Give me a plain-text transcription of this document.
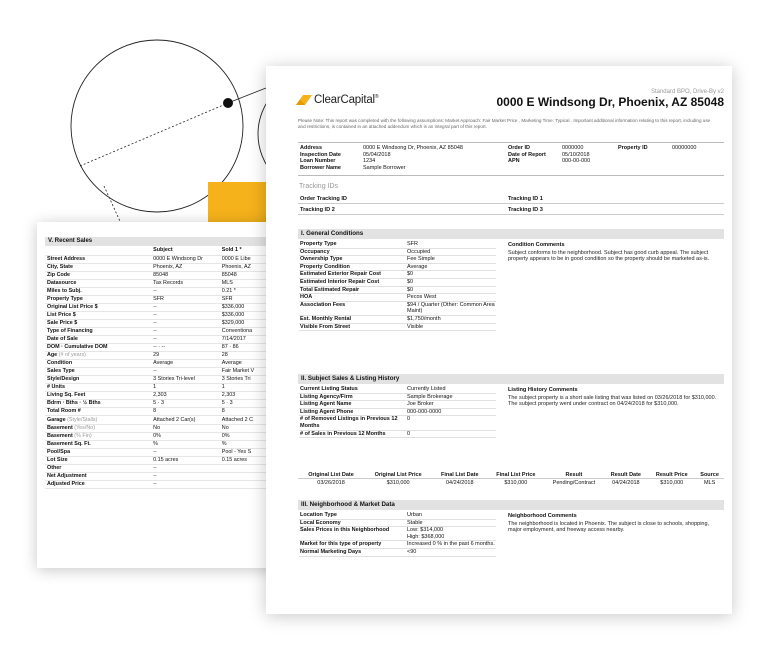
V. Recent Sales
	Subject	Sold 1 *
Street Address	0000 E Windsong Dr	0000 E Libe
City, State	Phoenix, AZ	Phoenix, AZ
Zip Code	85048	85048
Datasource	Tax Records	MLS
Miles to Subj.	--	0.21 *
Property Type	SFR	SFR
Original List Price $	--	$336,000
List Price $	--	$336,000
Sale Price $	--	$329,000
Type of Financing	--	Conventiona
Date of Sale	--	7/14/2017
DOM · Cumulative DOM	-- · --	87 · 86
Age (# of years)	29	28
Condition	Average	Average
Sales Type	--	Fair Market V
Style/Design	3 Stories Tri-level	3 Stories Tri
# Units	1	1
Living Sq. Feet	2,303	2,303
Bdrm · Bths · ½ Bths	5 · 3	5 · 3
Total Room #	8	8
Garage (Style/Stalls)	Attached 2 Car(s)	Attached 2 C
Basement (Yes/No)	No	No
Basement (% Fin)	0%	0%
Basement Sq. Ft.	%	%
Pool/Spa	--	Pool - Yes S
Lot Size	0.15 acres	0.15 acres
Other	--	
Net Adjustment	--	
Adjusted Price	--	
Standard BPO, Drive-By v2
ClearCapital®	0000 E Windsong Dr, Phoenix, AZ 85048
Please Note: This report was completed with the following assumptions: Market Approach: Fair Market Price , Marketing Time: Typical . Important additional information relating to this report, including use and restrictions, is contained in an attached addendum which is an integral part of this report.
Address	0000 E Windsong Dr, Phoenix, AZ 85048
Inspection Date	05/04/2018
Loan Number	1234
Borrower Name	Sample Borrower
Order ID	0000000
Date of Report	05/10/2018
APN	000-00-000
Property ID	00000000
Tracking IDs
Order Tracking ID	Tracking ID 1
Tracking ID 2	Tracking ID 3
I. General Conditions
Property Type	SFR
Occupancy	Occupied
Ownership Type	Fee Simple
Property Condition	Average
Estimated Exterior Repair Cost	$0
Estimated Interior Repair Cost	$0
Total Estimated Repair	$0
HOA	Pecos West
Association Fees	$94 / Quarter (Other: Common Area Maint)
Est. Monthly Rental	$1,750/month
Visible From Street	Visible
Condition Comments
Subject conforms to the neighborhood. Subject has good curb appeal. The subject property appears to be in good condition so the property should be marketed as-is.
II. Subject Sales & Listing History
Current Listing Status	Currently Listed
Listing Agency/Firm	Sample Brokerage
Listing Agent Name	Joe Broker
Listing Agent Phone	000-000-0000
# of Removed Listings in Previous 12 Months	0
# of Sales in Previous 12 Months	0
Listing History Comments
The subject property is a short sale listing that was listed on 03/26/2018 for $310,000. The subject property went under contract on 04/24/2018 for $310,000.
Original List Date	Original List Price	Final List Date	Final List Price	Result	Result Date	Result Price	Source
03/26/2018	$310,000	04/24/2018	$310,000	Pending/Contract	04/24/2018	$310,000	MLS
III. Neighborhood & Market Data
Location Type	Urban
Local Economy	Stable
Sales Prices in this Neighborhood	Low: $314,000
High: $368,000
Market for this type of property	Increased 0 % in the past 6 months.
Normal Marketing Days	<90
Neighborhood Comments
The neighborhood is located in Phoenix. The subject is close to schools, shopping, major employment, and freeway access nearby.
